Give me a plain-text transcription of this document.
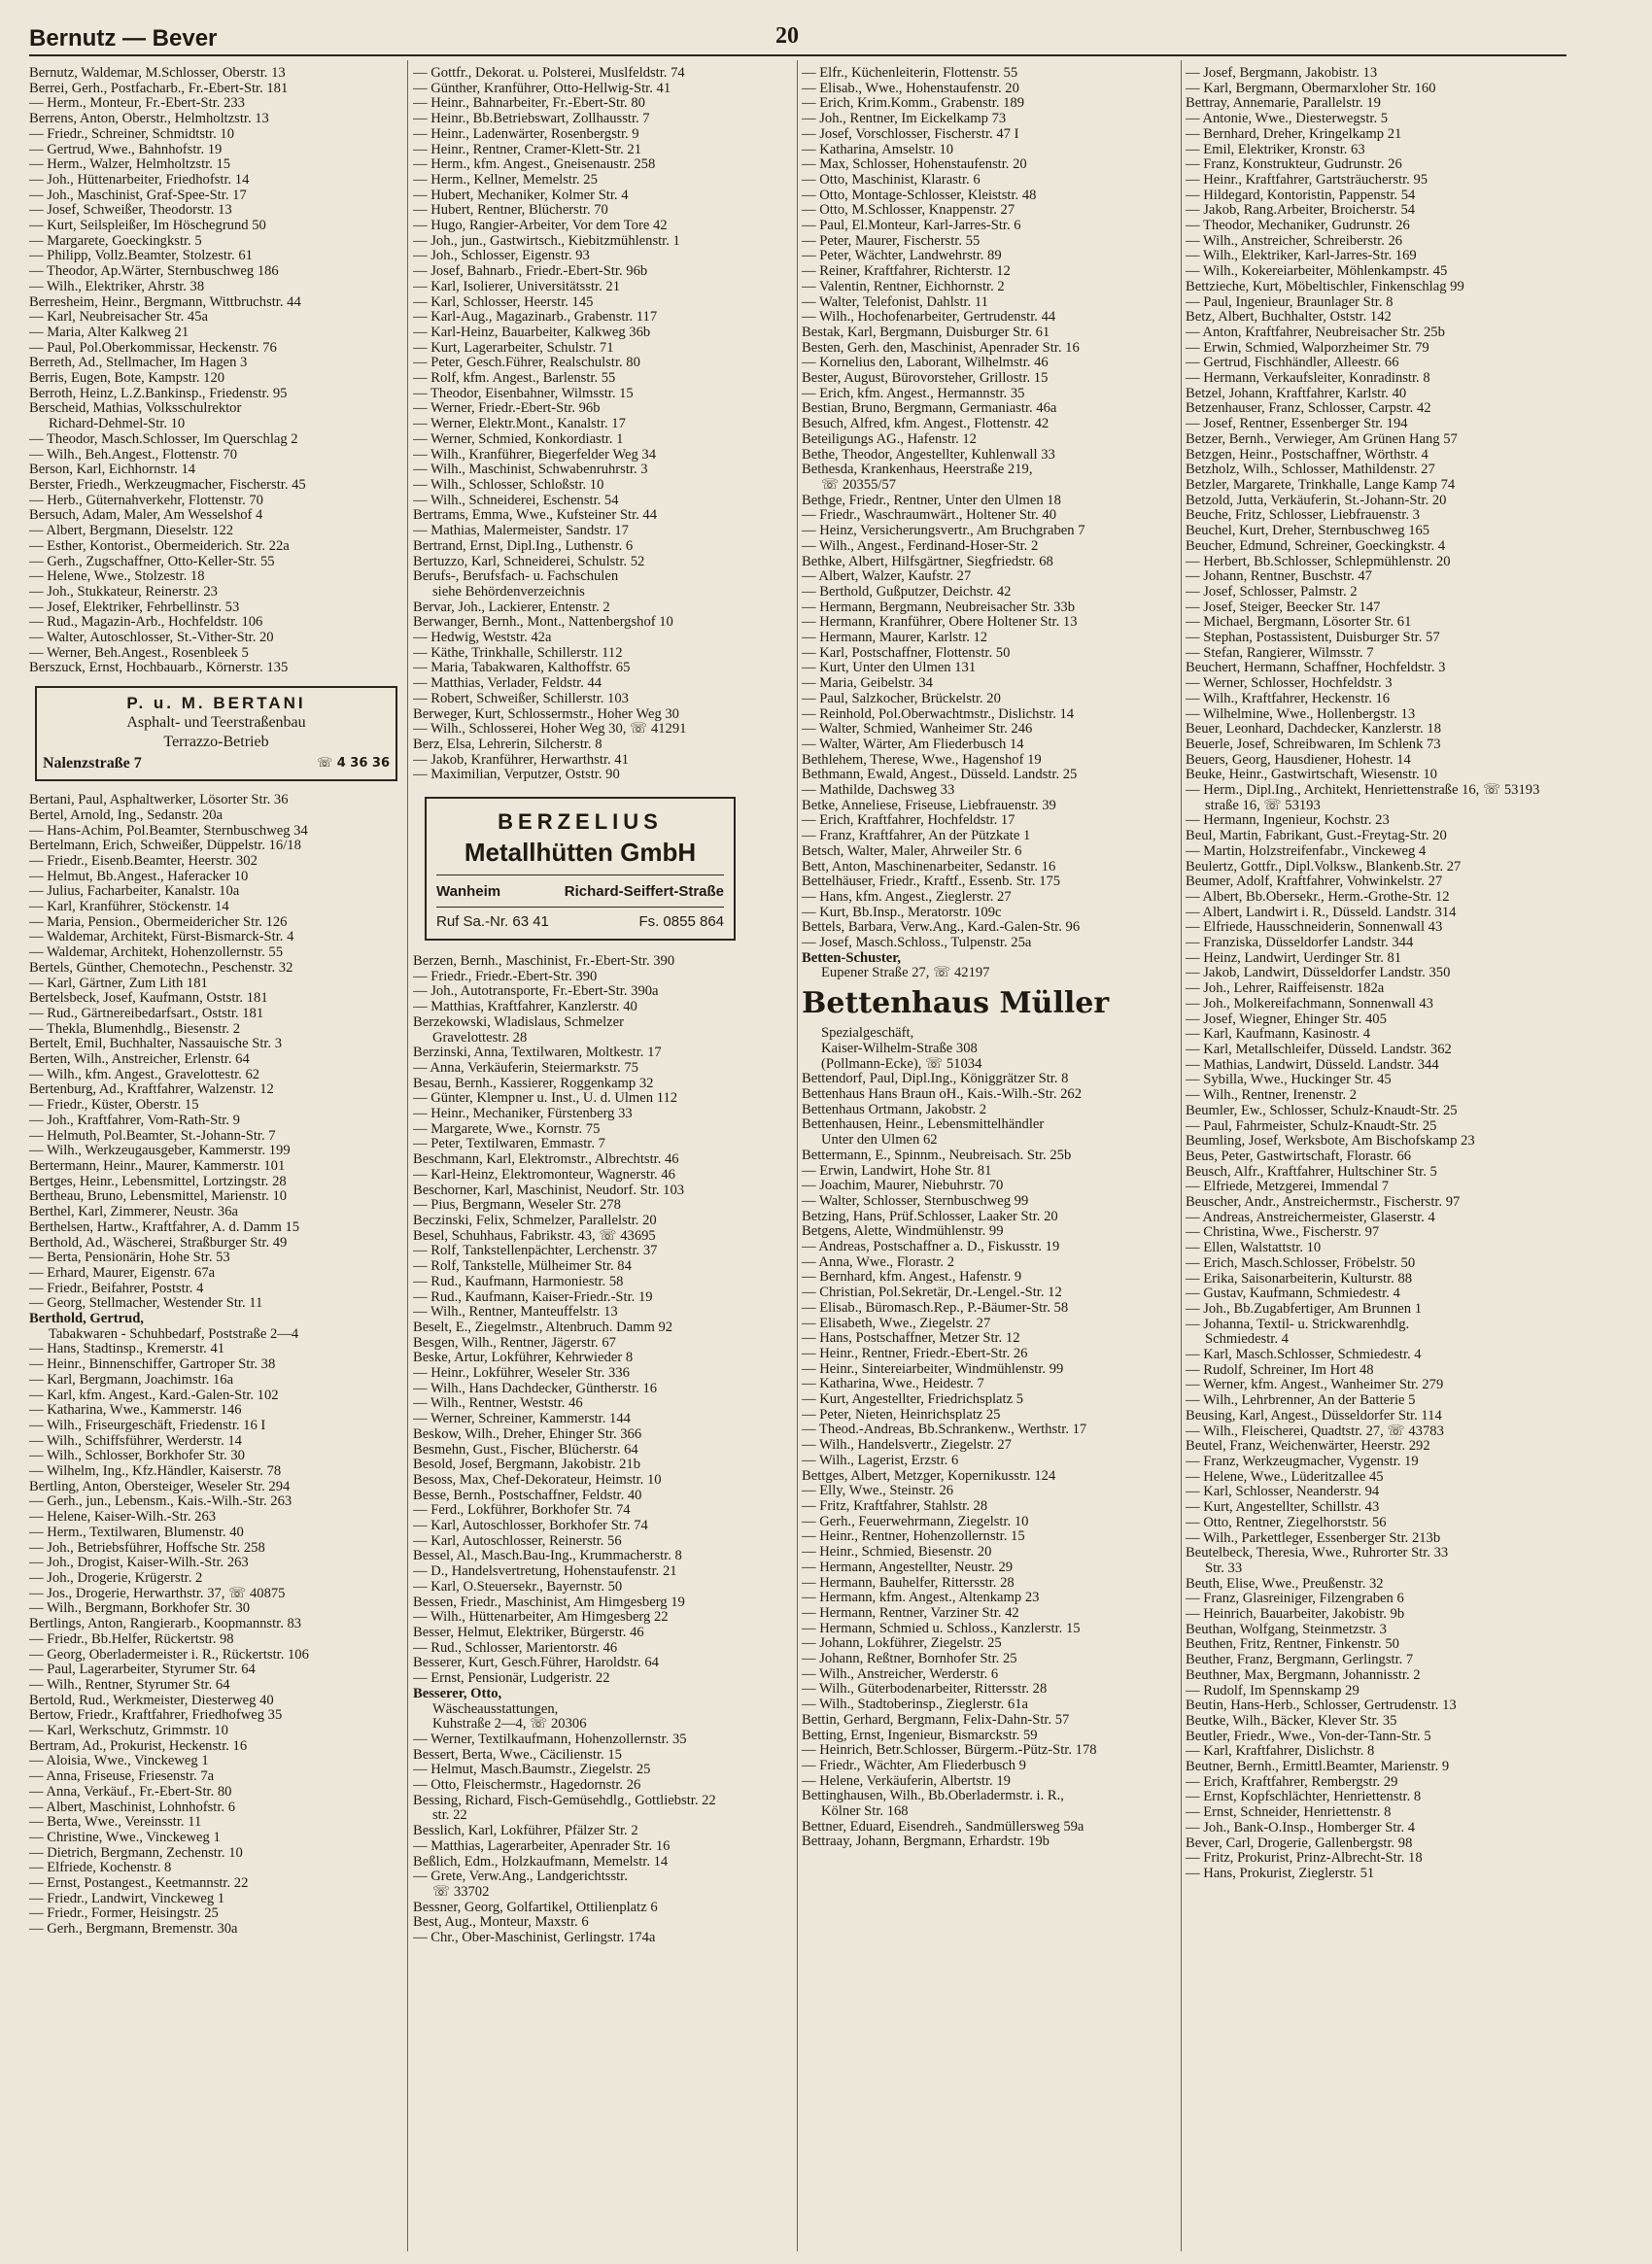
Bernutz — Bever	20
Bernutz, Waldemar, M.Schlosser, Oberstr. 13
Berrei, Gerh., Postfacharb., Fr.-Ebert-Str. 181
— Herm., Monteur, Fr.-Ebert-Str. 233
Berrens, Anton, Oberstr., Helmholtzstr. 13
— Friedr., Schreiner, Schmidtstr. 10
— Gertrud, Wwe., Bahnhofstr. 19
— Herm., Walzer, Helmholtzstr. 15
— Joh., Hüttenarbeiter, Friedhofstr. 14
— Joh., Maschinist, Graf-Spee-Str. 17
— Josef, Schweißer, Theodorstr. 13
— Kurt, Seilspleißer, Im Höschegrund 50
— Margarete, Goeckingkstr. 5
— Philipp, Vollz.Beamter, Stolzestr. 61
— Theodor, Ap.Wärter, Sternbuschweg 186
— Wilh., Elektriker, Ahrstr. 38
Berresheim, Heinr., Bergmann, Wittbruchstr. 44
— Karl, Neubreisacher Str. 45a
— Maria, Alter Kalkweg 21
— Paul, Pol.Oberkommissar, Heckenstr. 76
Berreth, Ad., Stellmacher, Im Hagen 3
Berris, Eugen, Bote, Kampstr. 120
Berroth, Heinz, L.Z.Bankinsp., Friedenstr. 95
Berscheid, Mathias, Volksschulrektor
Richard-Dehmel-Str. 10
— Theodor, Masch.Schlosser, Im Querschlag 2
— Wilh., Beh.Angest., Flottenstr. 70
Berson, Karl, Eichhornstr. 14
Berster, Friedh., Werkzeugmacher, Fischerstr. 45
— Herb., Güternahverkehr, Flottenstr. 70
Bersuch, Adam, Maler, Am Wesselshof 4
— Albert, Bergmann, Dieselstr. 122
— Esther, Kontorist., Obermeiderich. Str. 22a
— Gerh., Zugschaffner, Otto-Keller-Str. 55
— Helene, Wwe., Stolzestr. 18
— Joh., Stukkateur, Reinerstr. 23
— Josef, Elektriker, Fehrbellinstr. 53
— Rud., Magazin-Arb., Hochfeldstr. 106
— Walter, Autoschlosser, St.-Vither-Str. 20
— Werner, Beh.Angest., Rosenbleek 5
Berszuck, Ernst, Hochbauarb., Körnerstr. 135
P. u. M. BERTANI
Asphalt- und Teerstraßenbau
Terrazzo-Betrieb
Nalenzstraße 7	☏ 4 36 36
Bertani, Paul, Asphaltwerker, Lösorter Str. 36
Bertel, Arnold, Ing., Sedanstr. 20a
— Hans-Achim, Pol.Beamter, Sternbuschweg 34
Bertelmann, Erich, Schweißer, Düppelstr. 16/18
— Friedr., Eisenb.Beamter, Heerstr. 302
— Helmut, Bb.Angest., Haferacker 10
— Julius, Facharbeiter, Kanalstr. 10a
— Karl, Kranführer, Stöckenstr. 14
— Maria, Pension., Obermeidericher Str. 126
— Waldemar, Architekt, Fürst-Bismarck-Str. 4
— Waldemar, Architekt, Hohenzollernstr. 55
Bertels, Günther, Chemotechn., Peschenstr. 32
— Karl, Gärtner, Zum Lith 181
Bertelsbeck, Josef, Kaufmann, Oststr. 181
— Rud., Gärtnereibedarfsart., Oststr. 181
— Thekla, Blumenhdlg., Biesenstr. 2
Bertelt, Emil, Buchhalter, Nassauische Str. 3
Berten, Wilh., Anstreicher, Erlenstr. 64
— Wilh., kfm. Angest., Gravelottestr. 62
Bertenburg, Ad., Kraftfahrer, Walzenstr. 12
— Friedr., Küster, Oberstr. 15
— Joh., Kraftfahrer, Vom-Rath-Str. 9
— Helmuth, Pol.Beamter, St.-Johann-Str. 7
— Wilh., Werkzeugausgeber, Kammerstr. 199
Bertermann, Heinr., Maurer, Kammerstr. 101
Bertges, Heinr., Lebensmittel, Lortzingstr. 28
Bertheau, Bruno, Lebensmittel, Marienstr. 10
Berthel, Karl, Zimmerer, Neustr. 36a
Berthelsen, Hartw., Kraftfahrer, A. d. Damm 15
Berthold, Ad., Wäscherei, Straßburger Str. 49
— Berta, Pensionärin, Hohe Str. 53
— Erhard, Maurer, Eigenstr. 67a
— Friedr., Beifahrer, Poststr. 4
— Georg, Stellmacher, Westender Str. 11
Berthold, Gertrud,
Tabakwaren - Schuhbedarf, Poststraße 2—4
— Hans, Stadtinsp., Kremerstr. 41
— Heinr., Binnenschiffer, Gartroper Str. 38
— Karl, Bergmann, Joachimstr. 16a
— Karl, kfm. Angest., Kard.-Galen-Str. 102
— Katharina, Wwe., Kammerstr. 146
— Wilh., Friseurgeschäft, Friedenstr. 16 I
— Wilh., Schiffsführer, Werderstr. 14
— Wilh., Schlosser, Borkhofer Str. 30
— Wilhelm, Ing., Kfz.Händler, Kaiserstr. 78
Bertling, Anton, Obersteiger, Weseler Str. 294
— Gerh., jun., Lebensm., Kais.-Wilh.-Str. 263
— Helene, Kaiser-Wilh.-Str. 263
— Herm., Textilwaren, Blumenstr. 40
— Joh., Betriebsführer, Hoffsche Str. 258
— Joh., Drogist, Kaiser-Wilh.-Str. 263
— Joh., Drogerie, Krügerstr. 2
— Jos., Drogerie, Herwarthstr. 37, ☏ 40875
— Wilh., Bergmann, Borkhofer Str. 30
Bertlings, Anton, Rangierarb., Koopmannstr. 83
— Friedr., Bb.Helfer, Rückertstr. 98
— Georg, Oberladermeister i. R., Rückertstr. 106
— Paul, Lagerarbeiter, Styrumer Str. 64
— Wilh., Rentner, Styrumer Str. 64
Bertold, Rud., Werkmeister, Diesterweg 40
Bertow, Friedr., Kraftfahrer, Friedhofweg 35
— Karl, Werkschutz, Grimmstr. 10
Bertram, Ad., Prokurist, Heckenstr. 16
— Aloisia, Wwe., Vinckeweg 1
— Anna, Friseuse, Friesenstr. 7a
— Anna, Verkäuf., Fr.-Ebert-Str. 80
— Albert, Maschinist, Lohnhofstr. 6
— Berta, Wwe., Vereinsstr. 11
— Christine, Wwe., Vinckeweg 1
— Dietrich, Bergmann, Zechenstr. 10
— Elfriede, Kochenstr. 8
— Ernst, Postangest., Keetmannstr. 22
— Friedr., Landwirt, Vinckeweg 1
— Friedr., Former, Heisingstr. 25
— Gerh., Bergmann, Bremenstr. 30a
— Gottfr., Dekorat. u. Polsterei, Muslfeldstr. 74
— Günther, Kranführer, Otto-Hellwig-Str. 41
— Heinr., Bahnarbeiter, Fr.-Ebert-Str. 80
— Heinr., Bb.Betriebswart, Zollhausstr. 7
— Heinr., Ladenwärter, Rosenbergstr. 9
— Heinr., Rentner, Cramer-Klett-Str. 21
— Herm., kfm. Angest., Gneisenaustr. 258
— Herm., Kellner, Memelstr. 25
— Hubert, Mechaniker, Kolmer Str. 4
— Hubert, Rentner, Blücherstr. 70
— Hugo, Rangier-Arbeiter, Vor dem Tore 42
— Joh., jun., Gastwirtsch., Kiebitzmühlenstr. 1
— Joh., Schlosser, Eigenstr. 93
— Josef, Bahnarb., Friedr.-Ebert-Str. 96b
— Karl, Isolierer, Universitätsstr. 21
— Karl, Schlosser, Heerstr. 145
— Karl-Aug., Magazinarb., Grabenstr. 117
— Karl-Heinz, Bauarbeiter, Kalkweg 36b
— Kurt, Lagerarbeiter, Schulstr. 71
— Peter, Gesch.Führer, Realschulstr. 80
— Rolf, kfm. Angest., Barlenstr. 55
— Theodor, Eisenbahner, Wilmsstr. 15
— Werner, Friedr.-Ebert-Str. 96b
— Werner, Elektr.Mont., Kanalstr. 17
— Werner, Schmied, Konkordiastr. 1
— Wilh., Kranführer, Biegerfelder Weg 34
— Wilh., Maschinist, Schwabenruhrstr. 3
— Wilh., Schlosser, Schloßstr. 10
— Wilh., Schneiderei, Eschenstr. 54
Bertrams, Emma, Wwe., Kufsteiner Str. 44
— Mathias, Malermeister, Sandstr. 17
Bertrand, Ernst, Dipl.Ing., Luthenstr. 6
Bertuzzo, Karl, Schneiderei, Schulstr. 52
Berufs-, Berufsfach- u. Fachschulen
siehe Behördenverzeichnis
Bervar, Joh., Lackierer, Entenstr. 2
Berwanger, Bernh., Mont., Nattenbergshof 10
— Hedwig, Weststr. 42a
— Käthe, Trinkhalle, Schillerstr. 112
— Maria, Tabakwaren, Kalthoffstr. 65
— Matthias, Verlader, Feldstr. 44
— Robert, Schweißer, Schillerstr. 103
Berweger, Kurt, Schlossermstr., Hoher Weg 30
— Wilh., Schlosserei, Hoher Weg 30, ☏ 41291
Berz, Elsa, Lehrerin, Silcherstr. 8
— Jakob, Kranführer, Herwarthstr. 41
— Maximilian, Verputzer, Oststr. 90
BERZELIUS
Metallhütten GmbH
Wanheim	Richard-Seiffert-Straße
Ruf Sa.-Nr. 63 41	Fs. 0855 864
Berzen, Bernh., Maschinist, Fr.-Ebert-Str. 390
— Friedr., Friedr.-Ebert-Str. 390
— Joh., Autotransporte, Fr.-Ebert-Str. 390a
— Matthias, Kraftfahrer, Kanzlerstr. 40
Berzekowski, Wladislaus, Schmelzer
Gravelottestr. 28
Berzinski, Anna, Textilwaren, Moltkestr. 17
— Anna, Verkäuferin, Steiermarkstr. 75
Besau, Bernh., Kassierer, Roggenkamp 32
— Günter, Klempner u. Inst., U. d. Ulmen 112
— Heinr., Mechaniker, Fürstenberg 33
— Margarete, Wwe., Kornstr. 75
— Peter, Textilwaren, Emmastr. 7
Beschmann, Karl, Elektromstr., Albrechtstr. 46
— Karl-Heinz, Elektromonteur, Wagnerstr. 46
Beschorner, Karl, Maschinist, Neudorf. Str. 103
— Pius, Bergmann, Weseler Str. 278
Beczinski, Felix, Schmelzer, Parallelstr. 20
Besel, Schuhhaus, Fabrikstr. 43, ☏ 43695
— Rolf, Tankstellenpächter, Lerchenstr. 37
— Rolf, Tankstelle, Mülheimer Str. 84
— Rud., Kaufmann, Harmoniestr. 58
— Rud., Kaufmann, Kaiser-Friedr.-Str. 19
— Wilh., Rentner, Manteuffelstr. 13
Beselt, E., Ziegelmstr., Altenbruch. Damm 92
Besgen, Wilh., Rentner, Jägerstr. 67
Beske, Artur, Lokführer, Kehrwieder 8
— Heinr., Lokführer, Weseler Str. 336
— Wilh., Hans Dachdecker, Güntherstr. 16
— Wilh., Rentner, Weststr. 46
— Werner, Schreiner, Kammerstr. 144
Beskow, Wilh., Dreher, Ehinger Str. 366
Besmehn, Gust., Fischer, Blücherstr. 64
Besold, Josef, Bergmann, Jakobistr. 21b
Besoss, Max, Chef-Dekorateur, Heimstr. 10
Besse, Bernh., Postschaffner, Feldstr. 40
— Ferd., Lokführer, Borkhofer Str. 74
— Karl, Autoschlosser, Borkhofer Str. 74
— Karl, Autoschlosser, Reinerstr. 56
Bessel, Al., Masch.Bau-Ing., Krummacherstr. 8
— D., Handelsvertretung, Hohenstaufenstr. 21
— Karl, O.Steuersekr., Bayernstr. 50
Bessen, Friedr., Maschinist, Am Himgesberg 19
— Wilh., Hüttenarbeiter, Am Himgesberg 22
Besser, Helmut, Elektriker, Bürgerstr. 46
— Rud., Schlosser, Marientorstr. 46
Besserer, Kurt, Gesch.Führer, Haroldstr. 64
— Ernst, Pensionär, Ludgeristr. 22
Besserer, Otto,
Wäscheausstattungen,
Kuhstraße 2—4, ☏ 20306
— Werner, Textilkaufmann, Hohenzollernstr. 35
Bessert, Berta, Wwe., Cäcilienstr. 15
— Helmut, Masch.Baumstr., Ziegelstr. 25
— Otto, Fleischermstr., Hagedornstr. 26
Bessing, Richard, Fisch-Gemüsehdlg., Gottliebstr. 22
str. 22
Besslich, Karl, Lokführer, Pfälzer Str. 2
— Matthias, Lagerarbeiter, Apenrader Str. 16
Beßlich, Edm., Holzkaufmann, Memelstr. 14
— Grete, Verw.Ang., Landgerichtsstr.
☏ 33702
Bessner, Georg, Golfartikel, Ottilienplatz 6
Best, Aug., Monteur, Maxstr. 6
— Chr., Ober-Maschinist, Gerlingstr. 174a
— Elfr., Küchenleiterin, Flottenstr. 55
— Elisab., Wwe., Hohenstaufenstr. 20
— Erich, Krim.Komm., Grabenstr. 189
— Joh., Rentner, Im Eickelkamp 73
— Josef, Vorschlosser, Fischerstr. 47 I
— Katharina, Amselstr. 10
— Max, Schlosser, Hohenstaufenstr. 20
— Otto, Maschinist, Klarastr. 6
— Otto, Montage-Schlosser, Kleiststr. 48
— Otto, M.Schlosser, Knappenstr. 27
— Paul, El.Monteur, Karl-Jarres-Str. 6
— Peter, Maurer, Fischerstr. 55
— Peter, Wächter, Landwehrstr. 89
— Reiner, Kraftfahrer, Richterstr. 12
— Valentin, Rentner, Eichhornstr. 2
— Walter, Telefonist, Dahlstr. 11
— Wilh., Hochofenarbeiter, Gertrudenstr. 44
Bestak, Karl, Bergmann, Duisburger Str. 61
Besten, Gerh. den, Maschinist, Apenrader Str. 16
— Kornelius den, Laborant, Wilhelmstr. 46
Bester, August, Bürovorsteher, Grillostr. 15
— Erich, kfm. Angest., Hermannstr. 35
Bestian, Bruno, Bergmann, Germaniastr. 46a
Besuch, Alfred, kfm. Angest., Flottenstr. 42
Beteiligungs AG., Hafenstr. 12
Bethe, Theodor, Angestellter, Kuhlenwall 33
Bethesda, Krankenhaus, Heerstraße 219,
☏ 20355/57
Bethge, Friedr., Rentner, Unter den Ulmen 18
— Friedr., Waschraumwärt., Holtener Str. 40
— Heinz, Versicherungsvertr., Am Bruchgraben 7
— Wilh., Angest., Ferdinand-Hoser-Str. 2
Bethke, Albert, Hilfsgärtner, Siegfriedstr. 68
— Albert, Walzer, Kaufstr. 27
— Berthold, Gußputzer, Deichstr. 42
— Hermann, Bergmann, Neubreisacher Str. 33b
— Hermann, Kranführer, Obere Holtener Str. 13
— Hermann, Maurer, Karlstr. 12
— Karl, Postschaffner, Flottenstr. 50
— Kurt, Unter den Ulmen 131
— Maria, Geibelstr. 34
— Paul, Salzkocher, Brückelstr. 20
— Reinhold, Pol.Oberwachtmstr., Dislichstr. 14
— Walter, Schmied, Wanheimer Str. 246
— Walter, Wärter, Am Fliederbusch 14
Bethlehem, Therese, Wwe., Hagenshof 19
Bethmann, Ewald, Angest., Düsseld. Landstr. 25
— Mathilde, Dachsweg 33
Betke, Anneliese, Friseuse, Liebfrauenstr. 39
— Erich, Kraftfahrer, Hochfeldstr. 17
— Franz, Kraftfahrer, An der Pützkate 1
Betsch, Walter, Maler, Ahrweiler Str. 6
Bett, Anton, Maschinenarbeiter, Sedanstr. 16
Bettelhäuser, Friedr., Kraftf., Essenb. Str. 175
— Hans, kfm. Angest., Zieglerstr. 27
— Kurt, Bb.Insp., Meratorstr. 109c
Bettels, Barbara, Verw.Ang., Kard.-Galen-Str. 96
— Josef, Masch.Schloss., Tulpenstr. 25a
Betten-Schuster,
Eupener Straße 27, ☏ 42197
Bettenhaus Müller
Spezialgeschäft,
Kaiser-Wilhelm-Straße 308
(Pollmann-Ecke), ☏ 51034
Bettendorf, Paul, Dipl.Ing., Königgrätzer Str. 8
Bettenhaus Hans Braun oH., Kais.-Wilh.-Str. 262
Bettenhaus Ortmann, Jakobstr. 2
Bettenhausen, Heinr., Lebensmittelhändler
Unter den Ulmen 62
Bettermann, E., Spinnm., Neubreisach. Str. 25b
— Erwin, Landwirt, Hohe Str. 81
— Joachim, Maurer, Niebuhrstr. 70
— Walter, Schlosser, Sternbuschweg 99
Betzing, Hans, Prüf.Schlosser, Laaker Str. 20
Betgens, Alette, Windmühlenstr. 99
— Andreas, Postschaffner a. D., Fiskusstr. 19
— Anna, Wwe., Florastr. 2
— Bernhard, kfm. Angest., Hafenstr. 9
— Christian, Pol.Sekretär, Dr.-Lengel.-Str. 12
— Elisab., Büromasch.Rep., P.-Bäumer-Str. 58
— Elisabeth, Wwe., Ziegelstr. 27
— Hans, Postschaffner, Metzer Str. 12
— Heinr., Rentner, Friedr.-Ebert-Str. 26
— Heinr., Sintereiarbeiter, Windmühlenstr. 99
— Katharina, Wwe., Heidestr. 7
— Kurt, Angestellter, Friedrichsplatz 5
— Peter, Nieten, Heinrichsplatz 25
— Theod.-Andreas, Bb.Schrankenw., Werthstr. 17
— Wilh., Handelsvertr., Ziegelstr. 27
— Wilh., Lagerist, Erzstr. 6
Bettges, Albert, Metzger, Kopernikusstr. 124
— Elly, Wwe., Steinstr. 26
— Fritz, Kraftfahrer, Stahlstr. 28
— Gerh., Feuerwehrmann, Ziegelstr. 10
— Heinr., Rentner, Hohenzollernstr. 15
— Heinr., Schmied, Biesenstr. 20
— Hermann, Angestellter, Neustr. 29
— Hermann, Bauhelfer, Rittersstr. 28
— Hermann, kfm. Angest., Altenkamp 23
— Hermann, Rentner, Varziner Str. 42
— Hermann, Schmied u. Schloss., Kanzlerstr. 15
— Johann, Lokführer, Ziegelstr. 25
— Johann, Reßtner, Bornhofer Str. 25
— Wilh., Anstreicher, Werderstr. 6
— Wilh., Güterbodenarbeiter, Rittersstr. 28
— Wilh., Stadtoberinsp., Zieglerstr. 61a
Bettin, Gerhard, Bergmann, Felix-Dahn-Str. 57
Betting, Ernst, Ingenieur, Bismarckstr. 59
— Heinrich, Betr.Schlosser, Bürgerm.-Pütz-Str. 178
— Friedr., Wächter, Am Fliederbusch 9
— Helene, Verkäuferin, Albertstr. 19
Bettinghausen, Wilh., Bb.Oberladermstr. i. R.,
Kölner Str. 168
Bettner, Eduard, Eisendreh., Sandmüllersweg 59a
Bettraay, Johann, Bergmann, Erhardstr. 19b
— Josef, Bergmann, Jakobistr. 13
— Karl, Bergmann, Obermarxloher Str. 160
Bettray, Annemarie, Parallelstr. 19
— Antonie, Wwe., Diesterwegstr. 5
— Bernhard, Dreher, Kringelkamp 21
— Emil, Elektriker, Kronstr. 63
— Franz, Konstrukteur, Gudrunstr. 26
— Heinr., Kraftfahrer, Gartsträucherstr. 95
— Hildegard, Kontoristin, Pappenstr. 54
— Jakob, Rang.Arbeiter, Broicherstr. 54
— Theodor, Mechaniker, Gudrunstr. 26
— Wilh., Anstreicher, Schreiberstr. 26
— Wilh., Elektriker, Karl-Jarres-Str. 169
— Wilh., Kokereiarbeiter, Möhlenkampstr. 45
Bettzieche, Kurt, Möbeltischler, Finkenschlag 99
— Paul, Ingenieur, Braunlager Str. 8
Betz, Albert, Buchhalter, Oststr. 142
— Anton, Kraftfahrer, Neubreisacher Str. 25b
— Erwin, Schmied, Walporzheimer Str. 79
— Gertrud, Fischhändler, Alleestr. 66
— Hermann, Verkaufsleiter, Konradinstr. 8
Betzel, Johann, Kraftfahrer, Karlstr. 40
Betzenhauser, Franz, Schlosser, Carpstr. 42
— Josef, Rentner, Essenberger Str. 194
Betzer, Bernh., Verwieger, Am Grünen Hang 57
Betzgen, Heinr., Postschaffner, Wörthstr. 4
Betzholz, Wilh., Schlosser, Mathildenstr. 27
Betzler, Margarete, Trinkhalle, Lange Kamp 74
Betzold, Jutta, Verkäuferin, St.-Johann-Str. 20
Beuche, Fritz, Schlosser, Liebfrauenstr. 3
Beuchel, Kurt, Dreher, Sternbuschweg 165
Beucher, Edmund, Schreiner, Goeckingkstr. 4
— Herbert, Bb.Schlosser, Schlepmühlenstr. 20
— Johann, Rentner, Buschstr. 47
— Josef, Schlosser, Palmstr. 2
— Josef, Steiger, Beecker Str. 147
— Michael, Bergmann, Lösorter Str. 61
— Stephan, Postassistent, Duisburger Str. 57
— Stefan, Rangierer, Wilmsstr. 7
Beuchert, Hermann, Schaffner, Hochfeldstr. 3
— Werner, Schlosser, Hochfeldstr. 3
— Wilh., Kraftfahrer, Heckenstr. 16
— Wilhelmine, Wwe., Hollenbergstr. 13
Beuer, Leonhard, Dachdecker, Kanzlerstr. 18
Beuerle, Josef, Schreibwaren, Im Schlenk 73
Beuers, Georg, Hausdiener, Hohestr. 14
Beuke, Heinr., Gastwirtschaft, Wiesenstr. 10
— Herm., Dipl.Ing., Architekt, Henriettenstraße 16, ☏ 53193
straße 16, ☏ 53193
— Hermann, Ingenieur, Kochstr. 23
Beul, Martin, Fabrikant, Gust.-Freytag-Str. 20
— Martin, Holzstreifenfabr., Vinckeweg 4
Beulertz, Gottfr., Dipl.Volksw., Blankenb.Str. 27
Beumer, Adolf, Kraftfahrer, Vohwinkelstr. 27
— Albert, Bb.Obersekr., Herm.-Grothe-Str. 12
— Albert, Landwirt i. R., Düsseld. Landstr. 314
— Elfriede, Hausschneiderin, Sonnenwall 43
— Franziska, Düsseldorfer Landstr. 344
— Heinz, Landwirt, Uerdinger Str. 81
— Jakob, Landwirt, Düsseldorfer Landstr. 350
— Joh., Lehrer, Raiffeisenstr. 182a
— Joh., Molkereifachmann, Sonnenwall 43
— Josef, Wiegner, Ehinger Str. 405
— Karl, Kaufmann, Kasinostr. 4
— Karl, Metallschleifer, Düsseld. Landstr. 362
— Mathias, Landwirt, Düsseld. Landstr. 344
— Sybilla, Wwe., Huckinger Str. 45
— Wilh., Rentner, Irenenstr. 2
Beumler, Ew., Schlosser, Schulz-Knaudt-Str. 25
— Paul, Fahrmeister, Schulz-Knaudt-Str. 25
Beumling, Josef, Werksbote, Am Bischofskamp 23
Beus, Peter, Gastwirtschaft, Florastr. 66
Beusch, Alfr., Kraftfahrer, Hultschiner Str. 5
— Elfriede, Metzgerei, Immendal 7
Beuscher, Andr., Anstreichermstr., Fischerstr. 97
— Andreas, Anstreichermeister, Glaserstr. 4
— Christina, Wwe., Fischerstr. 97
— Ellen, Walstattstr. 10
— Erich, Masch.Schlosser, Fröbelstr. 50
— Erika, Saisonarbeiterin, Kulturstr. 88
— Gustav, Kaufmann, Schmiedestr. 4
— Joh., Bb.Zugabfertiger, Am Brunnen 1
— Johanna, Textil- u. Strickwarenhdlg.
Schmiedestr. 4
— Karl, Masch.Schlosser, Schmiedestr. 4
— Rudolf, Schreiner, Im Hort 48
— Werner, kfm. Angest., Wanheimer Str. 279
— Wilh., Lehrbrenner, An der Batterie 5
Beusing, Karl, Angest., Düsseldorfer Str. 114
— Wilh., Fleischerei, Quadtstr. 27, ☏ 43783
Beutel, Franz, Weichenwärter, Heerstr. 292
— Franz, Werkzeugmacher, Vygenstr. 19
— Helene, Wwe., Lüderitzallee 45
— Karl, Schlosser, Neanderstr. 94
— Kurt, Angestellter, Schillstr. 43
— Otto, Rentner, Ziegelhorststr. 56
— Wilh., Parkettleger, Essenberger Str. 213b
Beutelbeck, Theresia, Wwe., Ruhrorter Str. 33
Str. 33
Beuth, Elise, Wwe., Preußenstr. 32
— Franz, Glasreiniger, Filzengraben 6
— Heinrich, Bauarbeiter, Jakobistr. 9b
Beuthan, Wolfgang, Steinmetzstr. 3
Beuthen, Fritz, Rentner, Finkenstr. 50
Beuther, Franz, Bergmann, Gerlingstr. 7
Beuthner, Max, Bergmann, Johannisstr. 2
— Rudolf, Im Spennskamp 29
Beutin, Hans-Herb., Schlosser, Gertrudenstr. 13
Beutke, Wilh., Bäcker, Klever Str. 35
Beutler, Friedr., Wwe., Von-der-Tann-Str. 5
— Karl, Kraftfahrer, Dislichstr. 8
Beutner, Bernh., Ermittl.Beamter, Marienstr. 9
— Erich, Kraftfahrer, Rembergstr. 29
— Ernst, Kopfschlächter, Henriettenstr. 8
— Ernst, Schneider, Henriettenstr. 8
— Joh., Bank-O.Insp., Homberger Str. 4
Bever, Carl, Drogerie, Gallenbergstr. 98
— Fritz, Prokurist, Prinz-Albrecht-Str. 18
— Hans, Prokurist, Zieglerstr. 51
